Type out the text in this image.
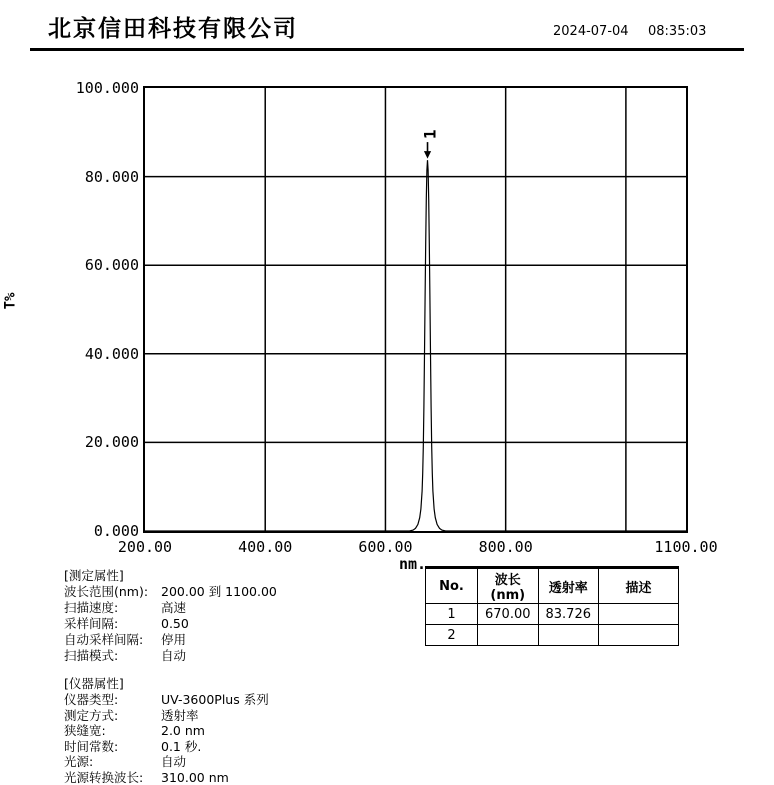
北京信田科技有限公司	2024-07-04 08:35:03
T%
100.000
80.000
60.000
40.000
20.000
0.000
1
200.00	400.00	600.00	800.00	1100.00
nm.
No.	波长(nm)	透射率	描述
1	670.00	83.726	
2			
[测定属性]
波长范围(nm):	200.00 到 1100.00
扫描速度:	高速
采样间隔:	0.50
自动采样间隔:	停用
扫描模式:	自动
[仪器属性]
仪器类型:	UV-3600Plus 系列
测定方式:	透射率
狭缝宽:	2.0 nm
时间常数:	0.1 秒.
光源:	自动
光源转换波长:	310.00 nm
